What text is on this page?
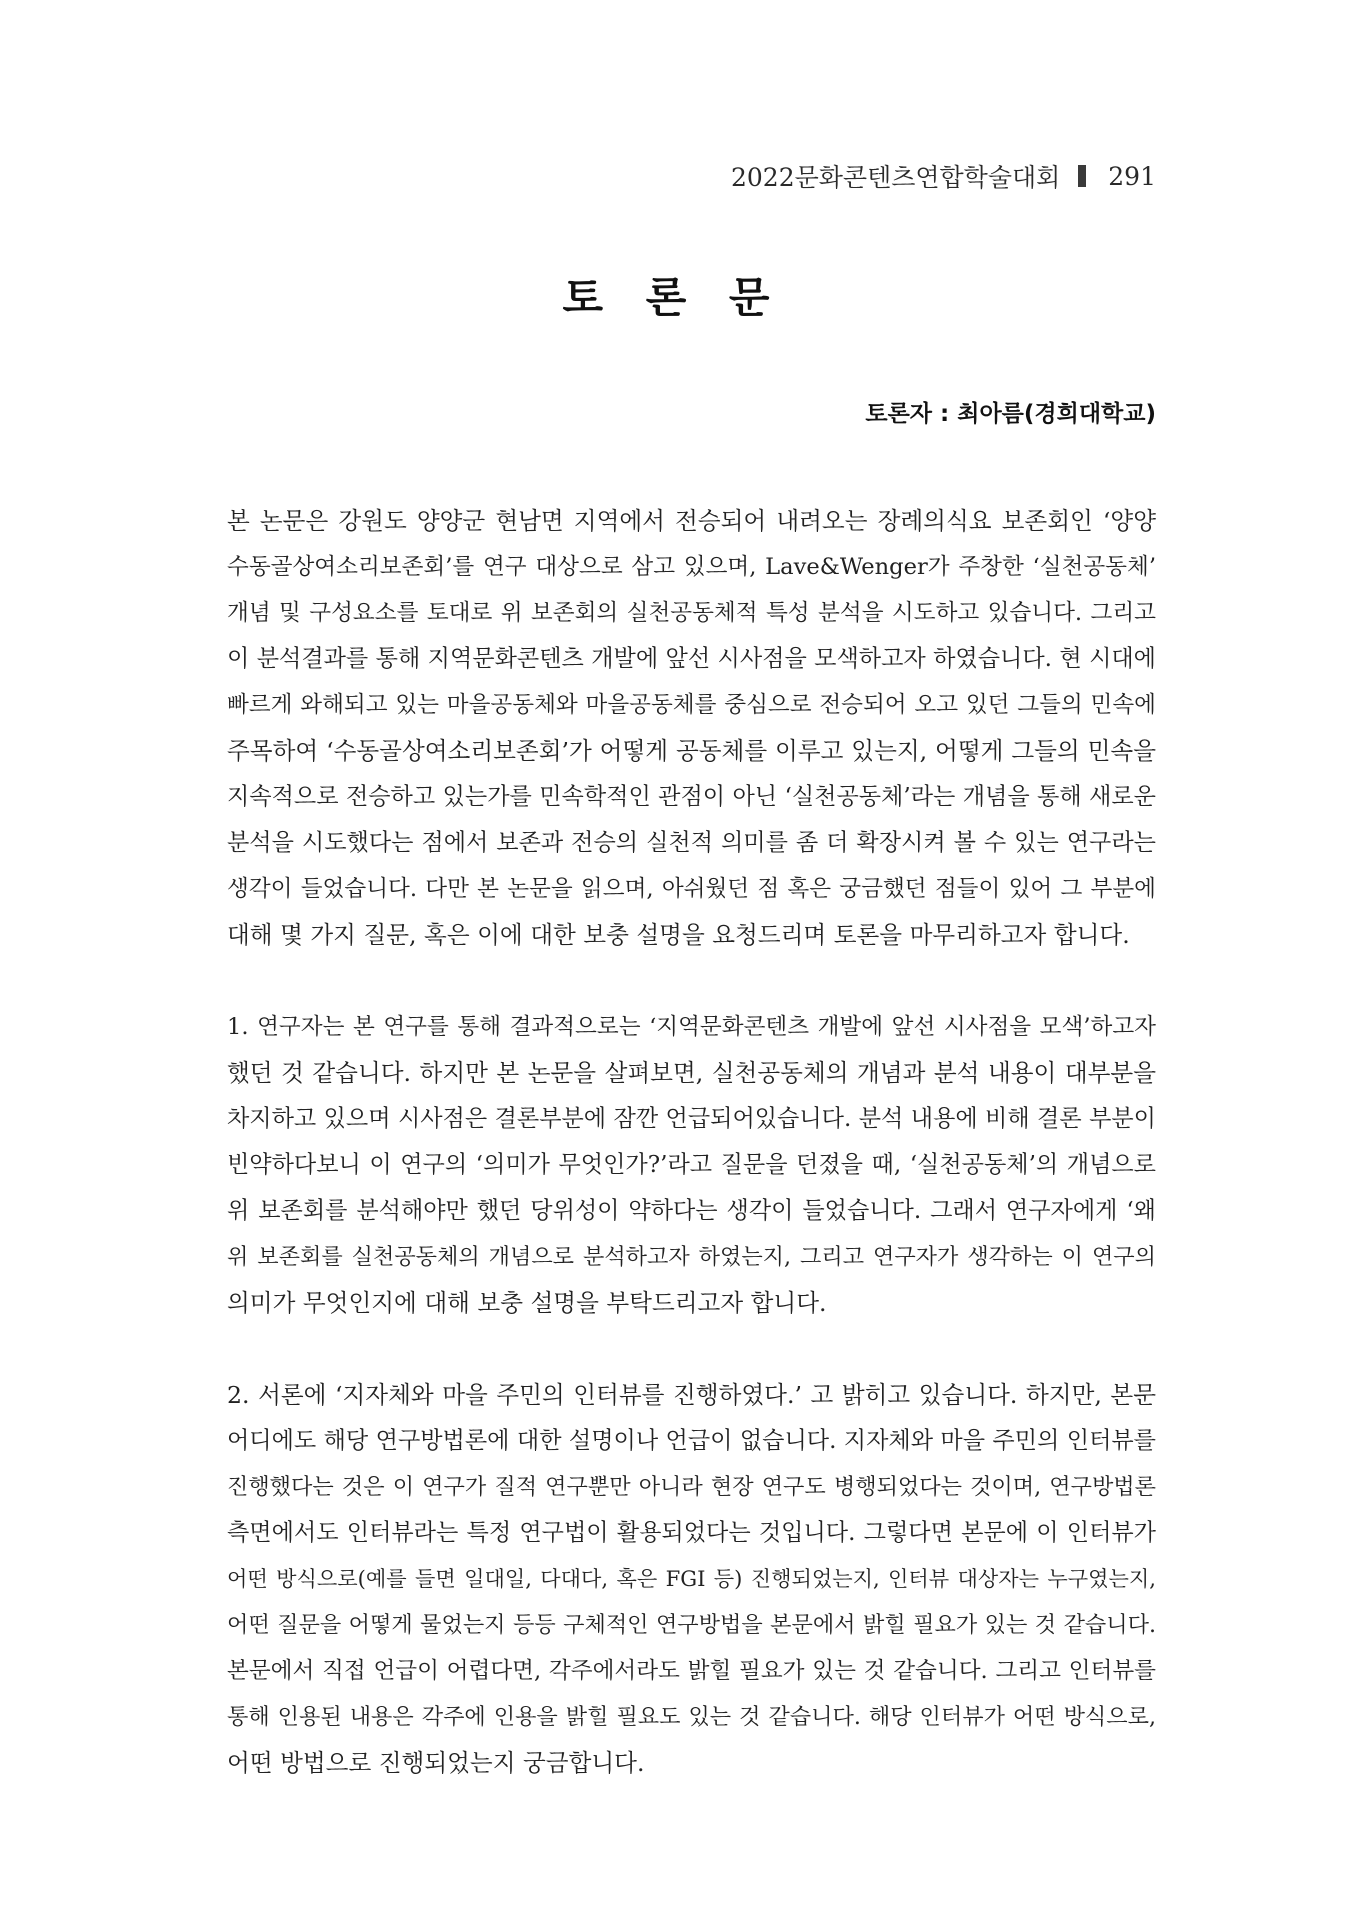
2022문화콘텐츠연합학술대회 291
토 론 문
토론자 : 최아름(경희대학교)

본 논문은 강원도 양양군 현남면 지역에서 전승되어 내려오는 장례의식요 보존회인 ‘양양
수동골상여소리보존회’를 연구 대상으로 삼고 있으며, Lave&Wenger가 주창한 ‘실천공동체’
개념 및 구성요소를 토대로 위 보존회의 실천공동체적 특성 분석을 시도하고 있습니다. 그리고
이 분석결과를 통해 지역문화콘텐츠 개발에 앞선 시사점을 모색하고자 하였습니다. 현 시대에
빠르게 와해되고 있는 마을공동체와 마을공동체를 중심으로 전승되어 오고 있던 그들의 민속에
주목하여 ‘수동골상여소리보존회’가 어떻게 공동체를 이루고 있는지, 어떻게 그들의 민속을
지속적으로 전승하고 있는가를 민속학적인 관점이 아닌 ‘실천공동체’라는 개념을 통해 새로운
분석을 시도했다는 점에서 보존과 전승의 실천적 의미를 좀 더 확장시켜 볼 수 있는 연구라는
생각이 들었습니다. 다만 본 논문을 읽으며, 아쉬웠던 점 혹은 궁금했던 점들이 있어 그 부분에
대해 몇 가지 질문, 혹은 이에 대한 보충 설명을 요청드리며 토론을 마무리하고자 합니다.

1. 연구자는 본 연구를 통해 결과적으로는 ‘지역문화콘텐츠 개발에 앞선 시사점을 모색’하고자
했던 것 같습니다. 하지만 본 논문을 살펴보면, 실천공동체의 개념과 분석 내용이 대부분을
차지하고 있으며 시사점은 결론부분에 잠깐 언급되어있습니다. 분석 내용에 비해 결론 부분이
빈약하다보니 이 연구의 ‘의미가 무엇인가?’라고 질문을 던졌을 때, ‘실천공동체’의 개념으로
위 보존회를 분석해야만 했던 당위성이 약하다는 생각이 들었습니다. 그래서 연구자에게 ‘왜
위 보존회를 실천공동체의 개념으로 분석하고자 하였는지, 그리고 연구자가 생각하는 이 연구의
의미가 무엇인지에 대해 보충 설명을 부탁드리고자 합니다.

2. 서론에 ‘지자체와 마을 주민의 인터뷰를 진행하였다.’ 고 밝히고 있습니다. 하지만, 본문
어디에도 해당 연구방법론에 대한 설명이나 언급이 없습니다. 지자체와 마을 주민의 인터뷰를
진행했다는 것은 이 연구가 질적 연구뿐만 아니라 현장 연구도 병행되었다는 것이며, 연구방법론
측면에서도 인터뷰라는 특정 연구법이 활용되었다는 것입니다. 그렇다면 본문에 이 인터뷰가
어떤 방식으로(예를 들면 일대일, 다대다, 혹은 FGI 등) 진행되었는지, 인터뷰 대상자는 누구였는지,
어떤 질문을 어떻게 물었는지 등등 구체적인 연구방법을 본문에서 밝힐 필요가 있는 것 같습니다.
본문에서 직접 언급이 어렵다면, 각주에서라도 밝힐 필요가 있는 것 같습니다. 그리고 인터뷰를
통해 인용된 내용은 각주에 인용을 밝힐 필요도 있는 것 같습니다. 해당 인터뷰가 어떤 방식으로,
어떤 방법으로 진행되었는지 궁금합니다.
